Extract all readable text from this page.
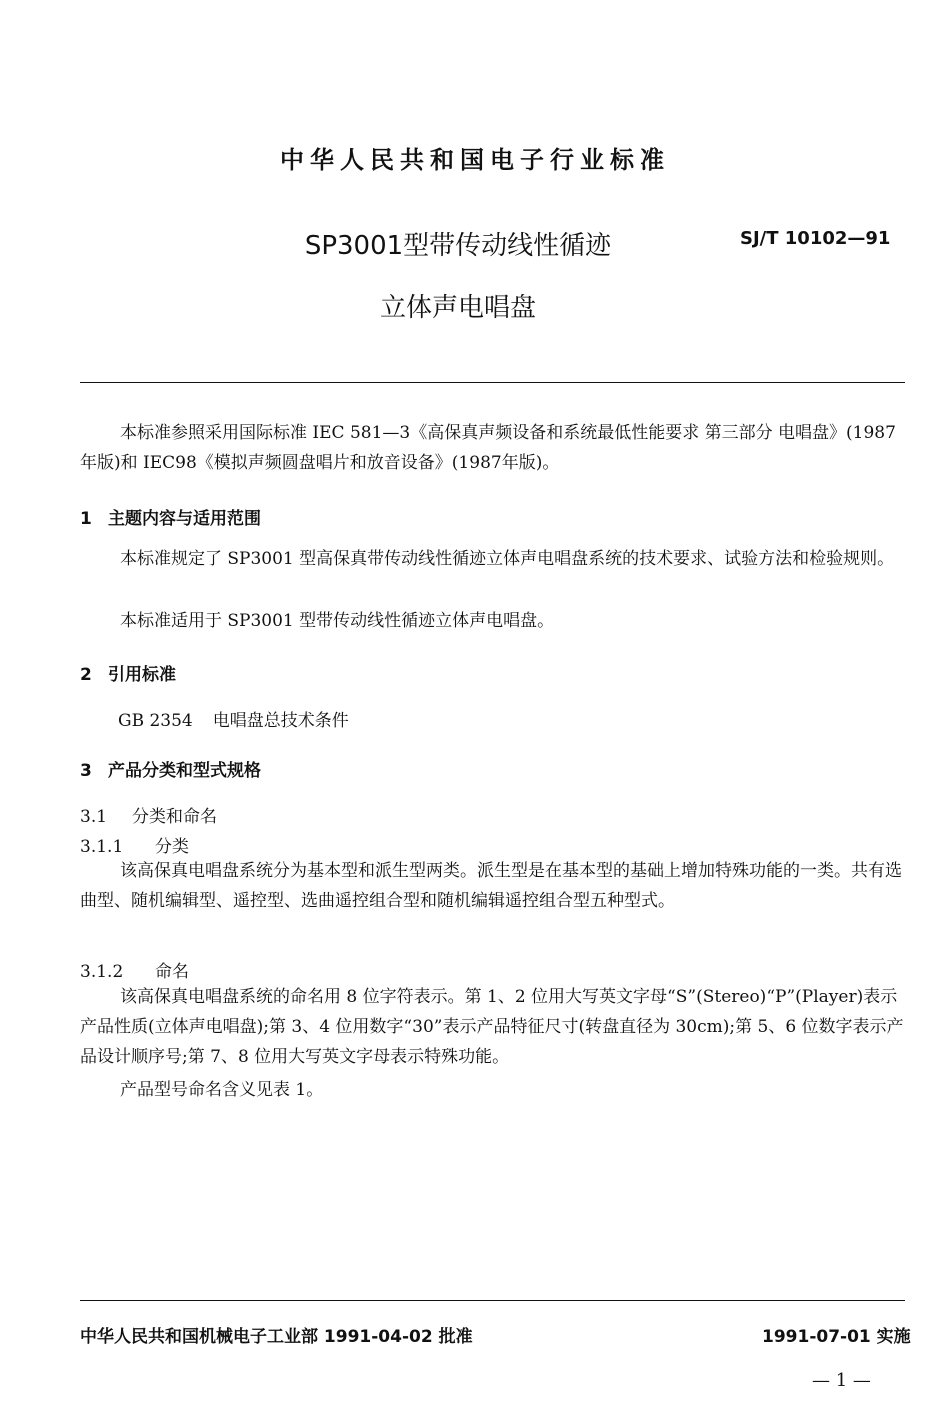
中华人民共和国电子行业标准
SP3001型带传动线性循迹
立体声电唱盘
SJ/T 10102—91
本标准参照采用国际标准 IEC 581—3《高保真声频设备和系统最低性能要求 第三部分 电唱盘》(1987年版)和 IEC98《模拟声频圆盘唱片和放音设备》(1987年版)。
1 主题内容与适用范围
本标准规定了 SP3001 型高保真带传动线性循迹立体声电唱盘系统的技术要求、试验方法和检验规则。
本标准适用于 SP3001 型带传动线性循迹立体声电唱盘。
2 引用标准
GB 2354 电唱盘总技术条件
3 产品分类和型式规格
3.1 分类和命名
3.1.1 分类
该高保真电唱盘系统分为基本型和派生型两类。派生型是在基本型的基础上增加特殊功能的一类。共有选曲型、随机编辑型、遥控型、选曲遥控组合型和随机编辑遥控组合型五种型式。
3.1.2 命名
该高保真电唱盘系统的命名用 8 位字符表示。第 1、2 位用大写英文字母“S”(Stereo)“P”(Player)表示产品性质(立体声电唱盘);第 3、4 位用数字“30”表示产品特征尺寸(转盘直径为 30cm);第 5、6 位数字表示产品设计顺序号;第 7、8 位用大写英文字母表示特殊功能。
产品型号命名含义见表 1。
中华人民共和国机械电子工业部 1991-04-02 批准	1991-07-01 实施
— 1 —
